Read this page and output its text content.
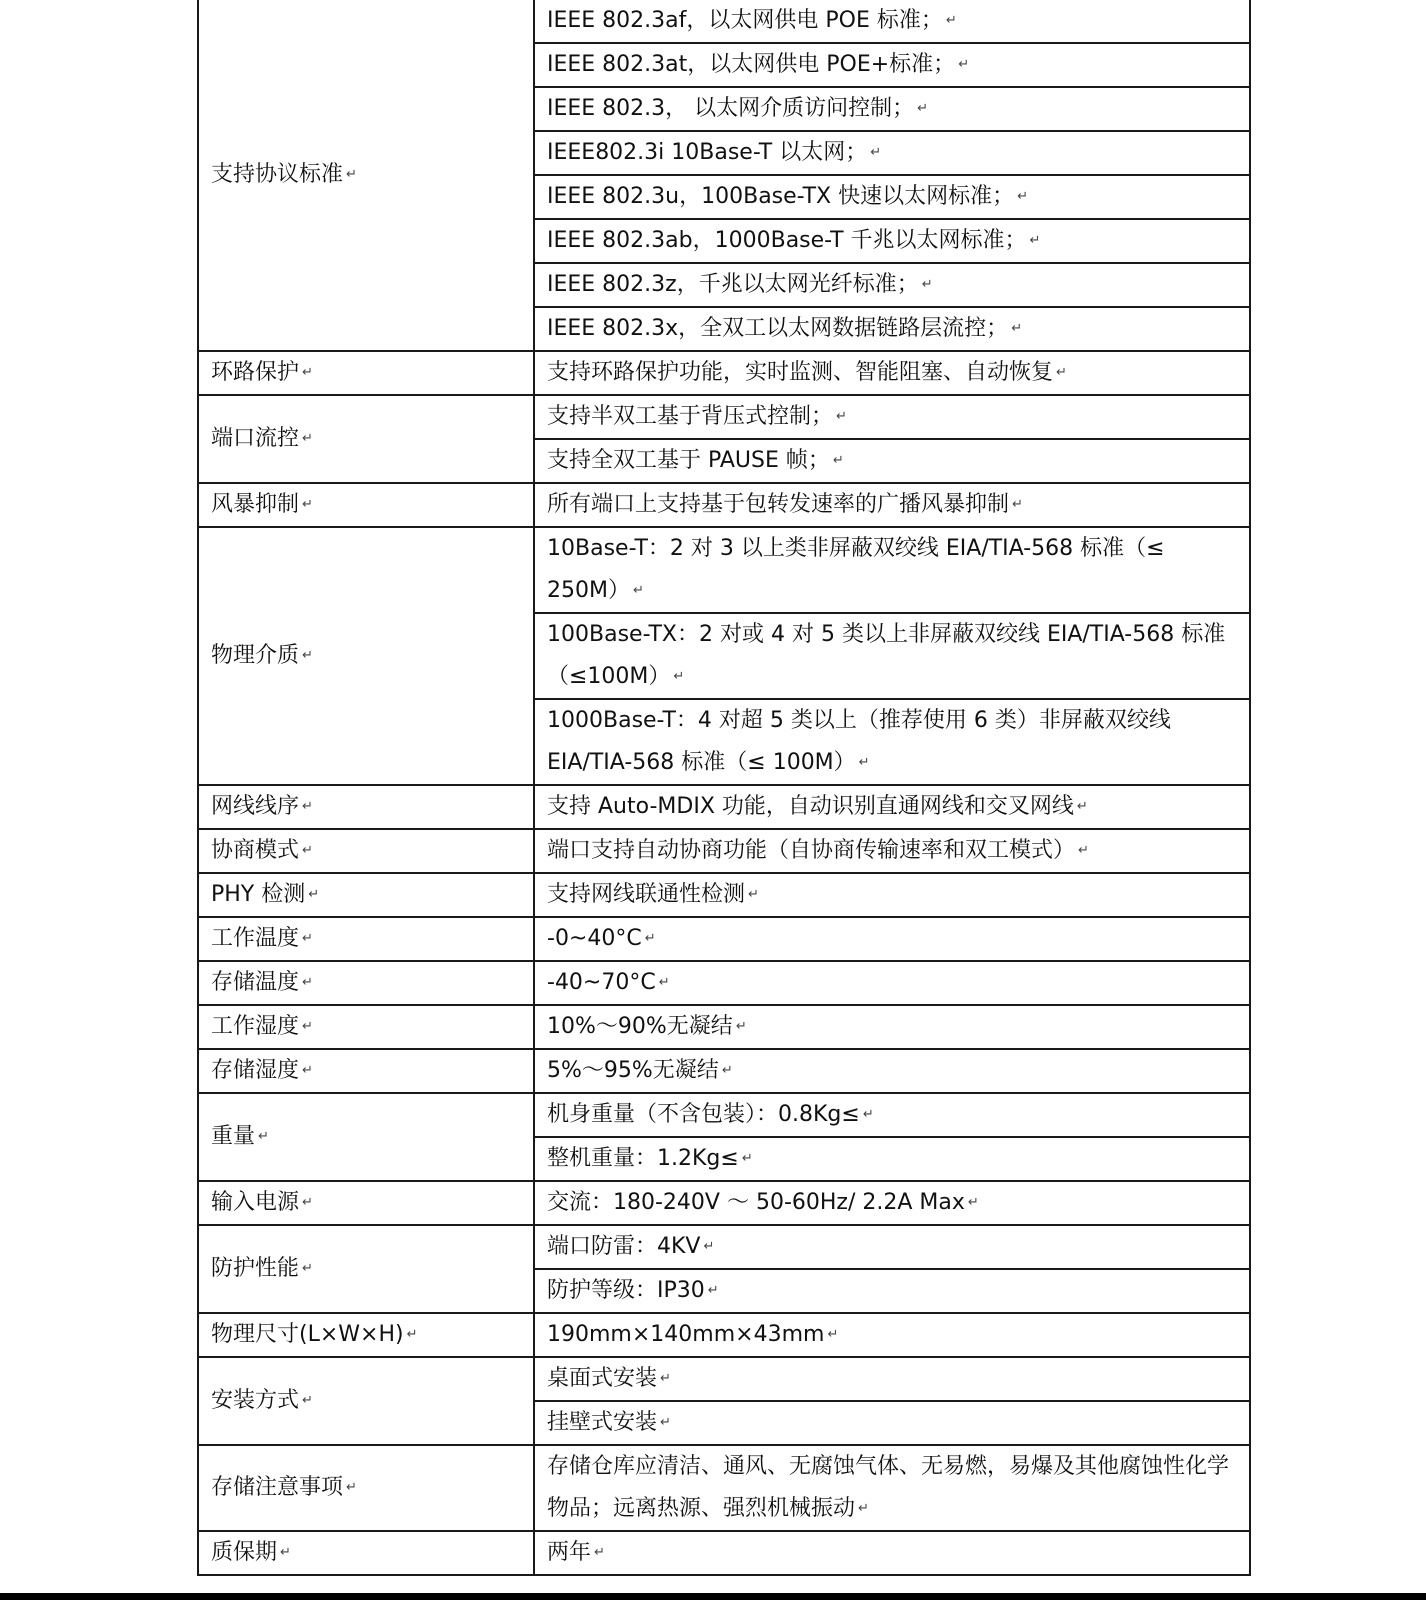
支持协议标准 ↵	IEEE 802.3af，以太网供电 POE 标准； ↵
	IEEE 802.3at，以太网供电 POE+标准； ↵
	IEEE 802.3， 以太网介质访问控制； ↵
	IEEE802.3i 10Base-T 以太网； ↵
	IEEE 802.3u，100Base-TX 快速以太网标准； ↵
	IEEE 802.3ab，1000Base-T 千兆以太网标准； ↵
	IEEE 802.3z，千兆以太网光纤标准； ↵
	IEEE 802.3x，全双工以太网数据链路层流控； ↵
环路保护 ↵	支持环路保护功能，实时监测、智能阻塞、自动恢复 ↵
端口流控 ↵	支持半双工基于背压式控制； ↵
	支持全双工基于 PAUSE 帧； ↵
风暴抑制 ↵	所有端口上支持基于包转发速率的广播风暴抑制 ↵
物理介质 ↵	10Base-T：2 对 3 以上类非屏蔽双绞线 EIA/TIA-568 标准（≤ 250M） ↵
	100Base-TX：2 对或 4 对 5 类以上非屏蔽双绞线 EIA/TIA-568 标准（≤100M） ↵
	1000Base-T：4 对超 5 类以上（推荐使用 6 类）非屏蔽双绞线 EIA/TIA-568 标准（≤ 100M） ↵
网线线序 ↵	支持 Auto-MDIX 功能，自动识别直通网线和交叉网线 ↵
协商模式 ↵	端口支持自动协商功能（自协商传输速率和双工模式） ↵
PHY 检测 ↵	支持网线联通性检测 ↵
工作温度 ↵	-0~40°C ↵
存储温度 ↵	-40~70°C ↵
工作湿度 ↵	10%～90%无凝结 ↵
存储湿度 ↵	5%～95%无凝结 ↵
重量 ↵	机身重量（不含包装）：0.8Kg≤ ↵
	整机重量：1.2Kg≤ ↵
输入电源 ↵	交流：180-240V ～ 50-60Hz/ 2.2A Max ↵
防护性能 ↵	端口防雷：4KV ↵
	防护等级：IP30 ↵
物理尺寸(L×W×H) ↵	190mm×140mm×43mm ↵
安装方式 ↵	桌面式安装 ↵
	挂壁式安装 ↵
存储注意事项 ↵	存储仓库应清洁、通风、无腐蚀气体、无易燃，易爆及其他腐蚀性化学物品；远离热源、强烈机械振动 ↵
质保期 ↵	两年 ↵
